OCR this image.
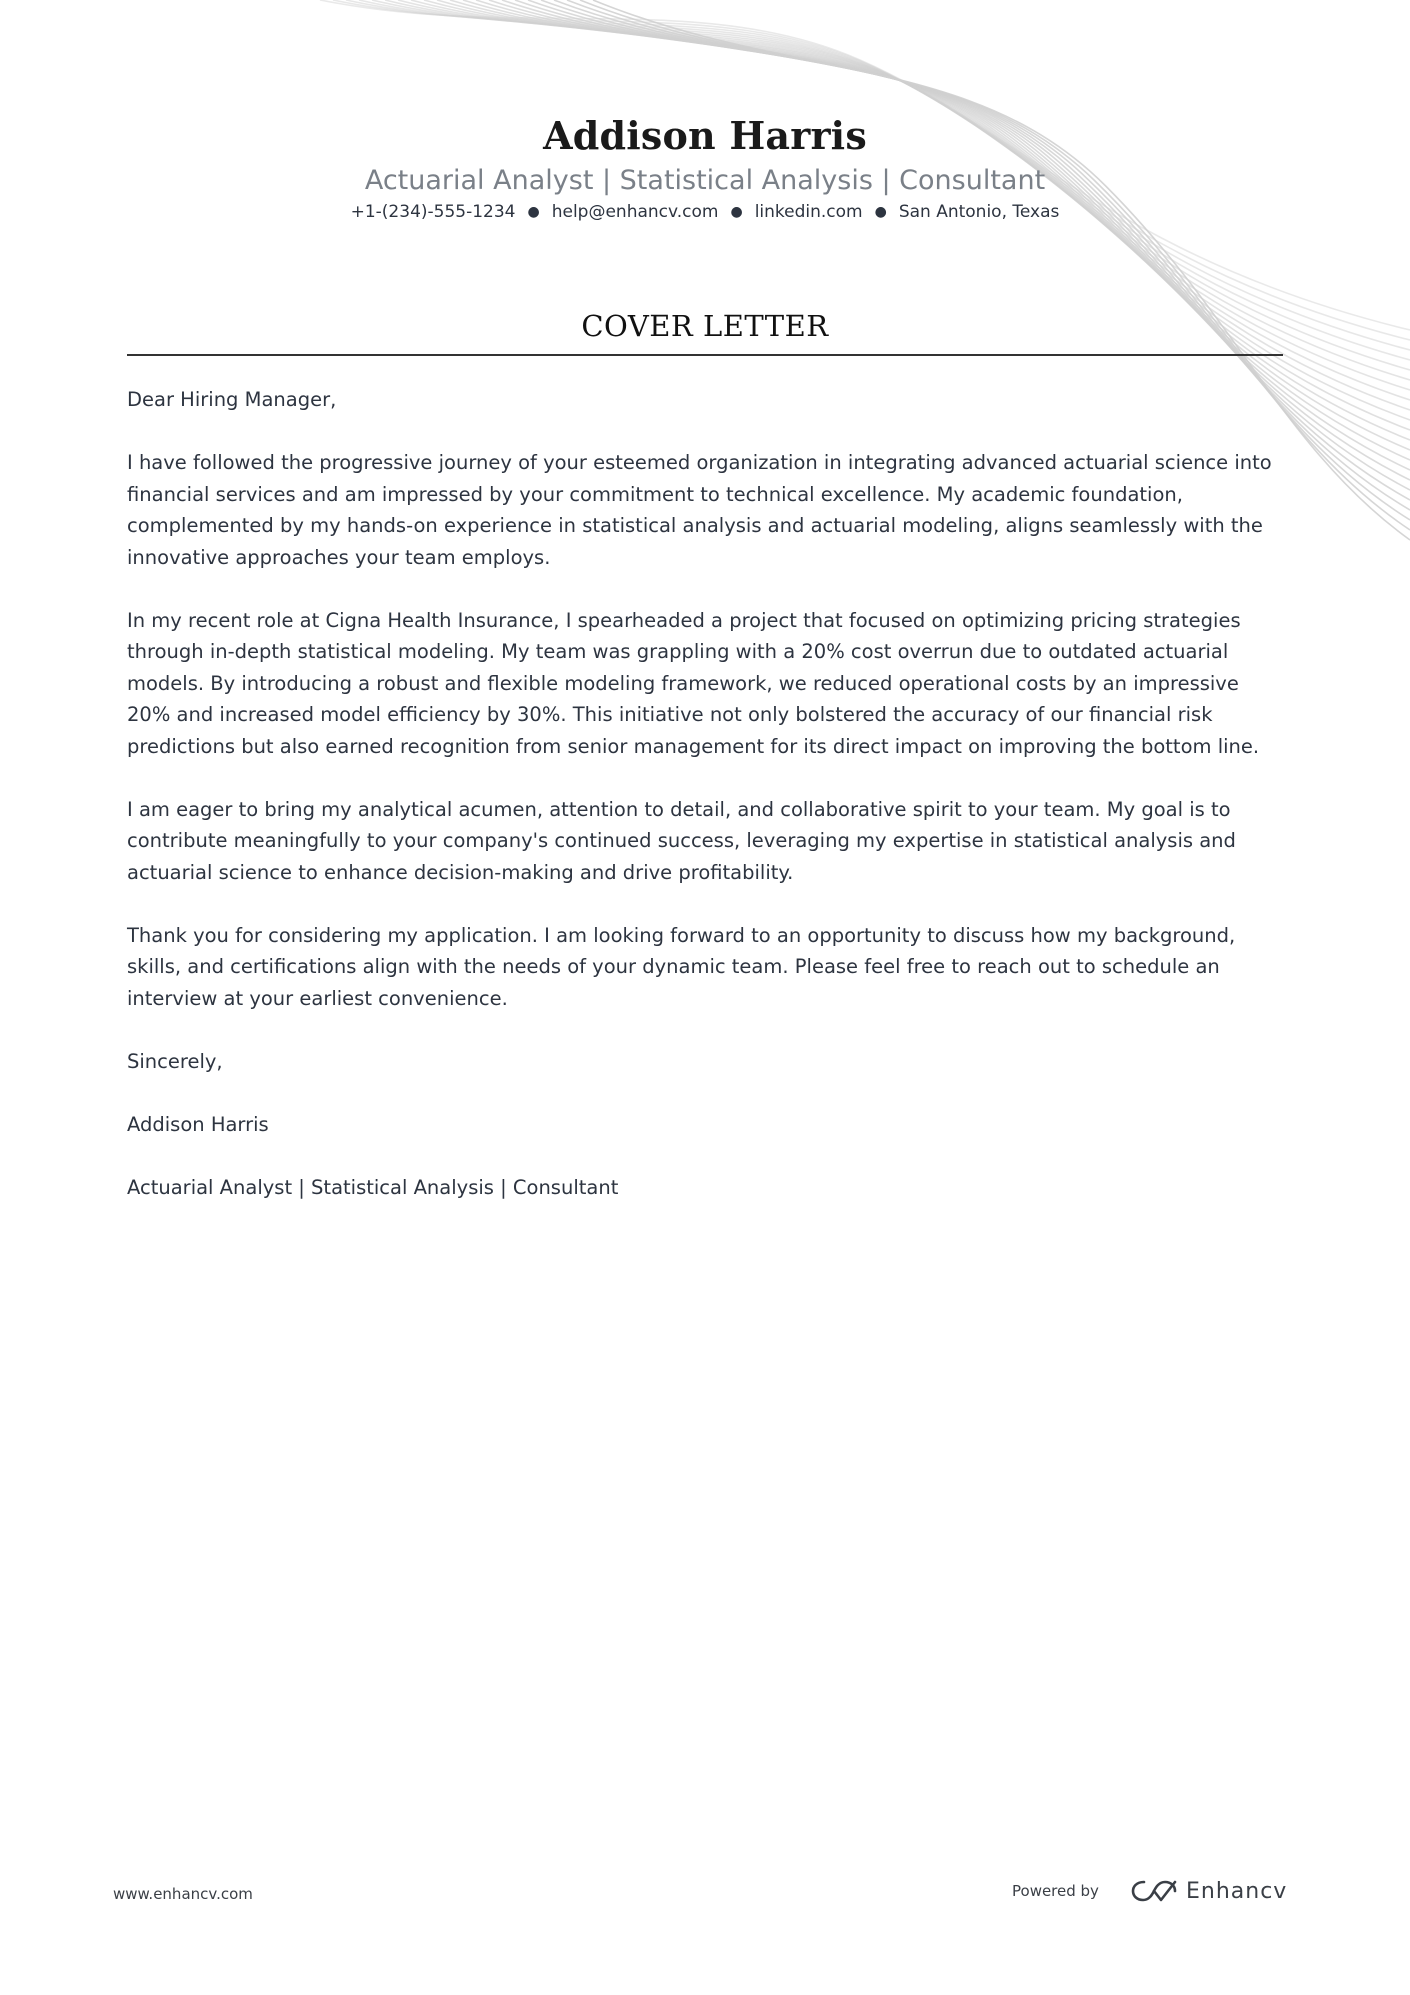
Addison Harris
Actuarial Analyst | Statistical Analysis | Consultant
+1-(234)-555-1234 ● help@enhancv.com ● linkedin.com ● San Antonio, Texas
COVER LETTER

Dear Hiring Manager,

I have followed the progressive journey of your esteemed organization in integrating advanced actuarial science into financial services and am impressed by your commitment to technical excellence. My academic foundation, complemented by my hands-on experience in statistical analysis and actuarial modeling, aligns seamlessly with the innovative approaches your team employs.

In my recent role at Cigna Health Insurance, I spearheaded a project that focused on optimizing pricing strategies through in-depth statistical modeling. My team was grappling with a 20% cost overrun due to outdated actuarial models. By introducing a robust and flexible modeling framework, we reduced operational costs by an impressive 20% and increased model efficiency by 30%. This initiative not only bolstered the accuracy of our financial risk predictions but also earned recognition from senior management for its direct impact on improving the bottom line.

I am eager to bring my analytical acumen, attention to detail, and collaborative spirit to your team. My goal is to contribute meaningfully to your company's continued success, leveraging my expertise in statistical analysis and actuarial science to enhance decision-making and drive profitability.

Thank you for considering my application. I am looking forward to an opportunity to discuss how my background, skills, and certifications align with the needs of your dynamic team. Please feel free to reach out to schedule an interview at your earliest convenience.

Sincerely,

Addison Harris

Actuarial Analyst | Statistical Analysis | Consultant

www.enhancv.com	Powered by	Enhancv
